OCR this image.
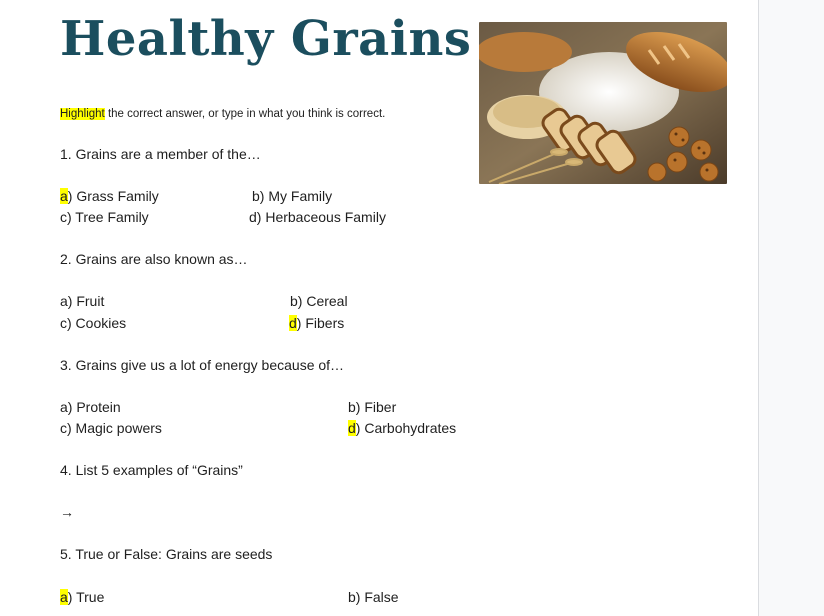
Healthy Grains
Highlight the correct answer, or type in what you think is correct.
1. Grains are a member of the…
a) Grass Family	b) My Family
c) Tree Family	d) Herbaceous Family
2. Grains are also known as…
a) Fruit	b) Cereal
c) Cookies	d) Fibers
3. Grains give us a lot of energy because of…
a) Protein	b) Fiber
c) Magic powers	d) Carbohydrates
4. List 5 examples of “Grains”
→
5. True or False: Grains are seeds
a) True	b) False
